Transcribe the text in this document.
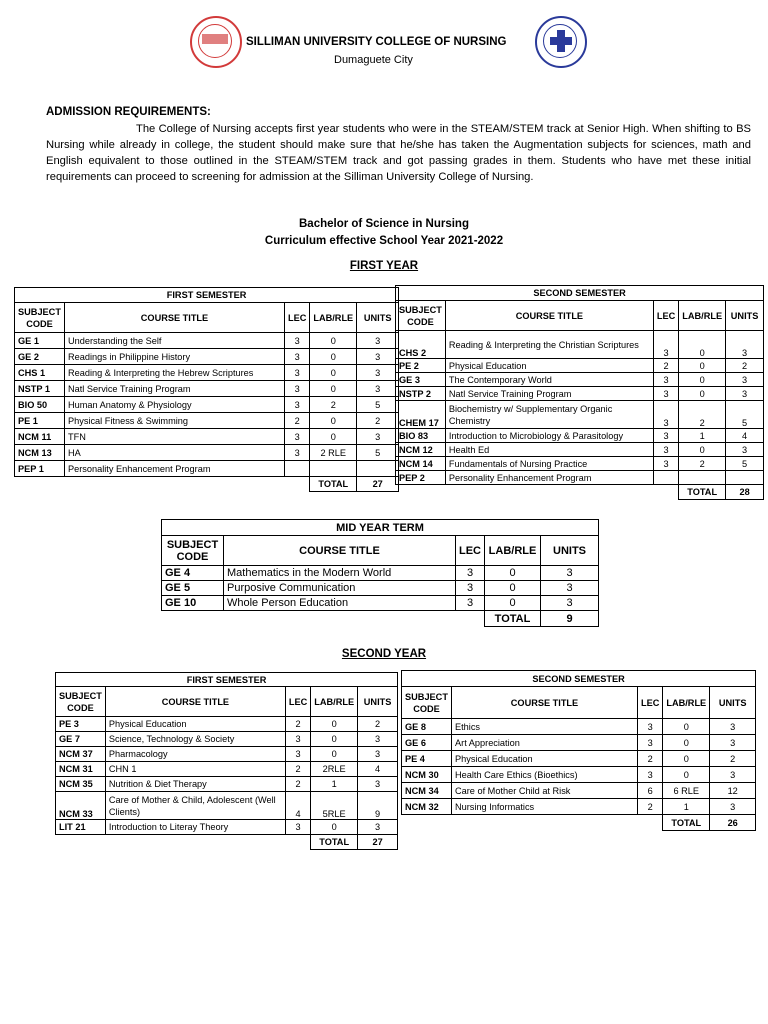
SILLIMAN UNIVERSITY COLLEGE OF NURSING
Dumaguete City
ADMISSION REQUIREMENTS:
The College of Nursing accepts first year students who were in the STEAM/STEM track at Senior High. When shifting to BS Nursing while already in college, the student should make sure that he/she has taken the Augmentation subjects for sciences, math and English equivalent to those outlined in the STEAM/STEM track and got passing grades in them. Students who have met these initial requirements can proceed to screening for admission at the Silliman University College of Nursing.
Bachelor of Science in Nursing
Curriculum effective School Year 2021-2022
FIRST YEAR
FIRST SEMESTER				
SUBJECT
CODE	COURSE TITLE	LEC	LAB/RLE	UNITS
GE 1	Understanding the Self	3	0	3
GE 2	Readings in Philippine History	3	0	3
CHS 1	Reading & Interpreting the Hebrew Scriptures	3	0	3
NSTP 1	Natl Service Training Program	3	0	3
BIO 50	Human Anatomy & Physiology	3	2	5
PE 1	Physical Fitness & Swimming	2	0	2
NCM 11	TFN	3	0	3
NCM 13	HA	3	2 RLE	5
PEP 1	Personality Enhancement Program			
			TOTAL	27
SECOND SEMESTER				
SUBJECT
CODE	COURSE TITLE	LEC	LAB/RLE	UNITS
CHS 2	Reading & Interpreting the Christian Scriptures	3	0	3
PE 2	Physical Education	2	0	2
GE 3	The Contemporary World	3	0	3
NSTP 2	Natl Service Training Program	3	0	3
CHEM 17	Biochemistry w/ Supplementary Organic Chemistry	3	2	5
BIO 83	Introduction to Microbiology & Parasitology	3	1	4
NCM 12	Health Ed	3	0	3
NCM 14	Fundamentals of Nursing Practice	3	2	5
PEP 2	Personality Enhancement Program			
			TOTAL	28
MID YEAR TERM				
SUBJECT
CODE	COURSE TITLE	LEC	LAB/RLE	UNITS
GE 4	Mathematics in the Modern World	3	0	3
GE 5	Purposive Communication	3	0	3
GE 10	Whole Person Education	3	0	3
			TOTAL	9
SECOND YEAR
FIRST SEMESTER				
SUBJECT
CODE	COURSE TITLE	LEC	LAB/RLE	UNITS
PE 3	Physical Education	2	0	2
GE 7	Science, Technology & Society	3	0	3
NCM 37	Pharmacology	3	0	3
NCM 31	CHN 1	2	2RLE	4
NCM 35	Nutrition & Diet Therapy	2	1	3
NCM 33	Care of Mother & Child, Adolescent (Well Clients)	4	5RLE	9
LIT 21	Introduction to Literay Theory	3	0	3
			TOTAL	27
SECOND SEMESTER				
SUBJECT
CODE	COURSE TITLE	LEC	LAB/RLE	UNITS
GE 8	Ethics	3	0	3
GE 6	Art Appreciation	3	0	3
PE 4	Physical Education	2	0	2
NCM 30	Health Care Ethics (Bioethics)	3	0	3
NCM 34	Care of Mother Child at Risk	6	6 RLE	12
NCM 32	Nursing Informatics	2	1	3
			TOTAL	26
